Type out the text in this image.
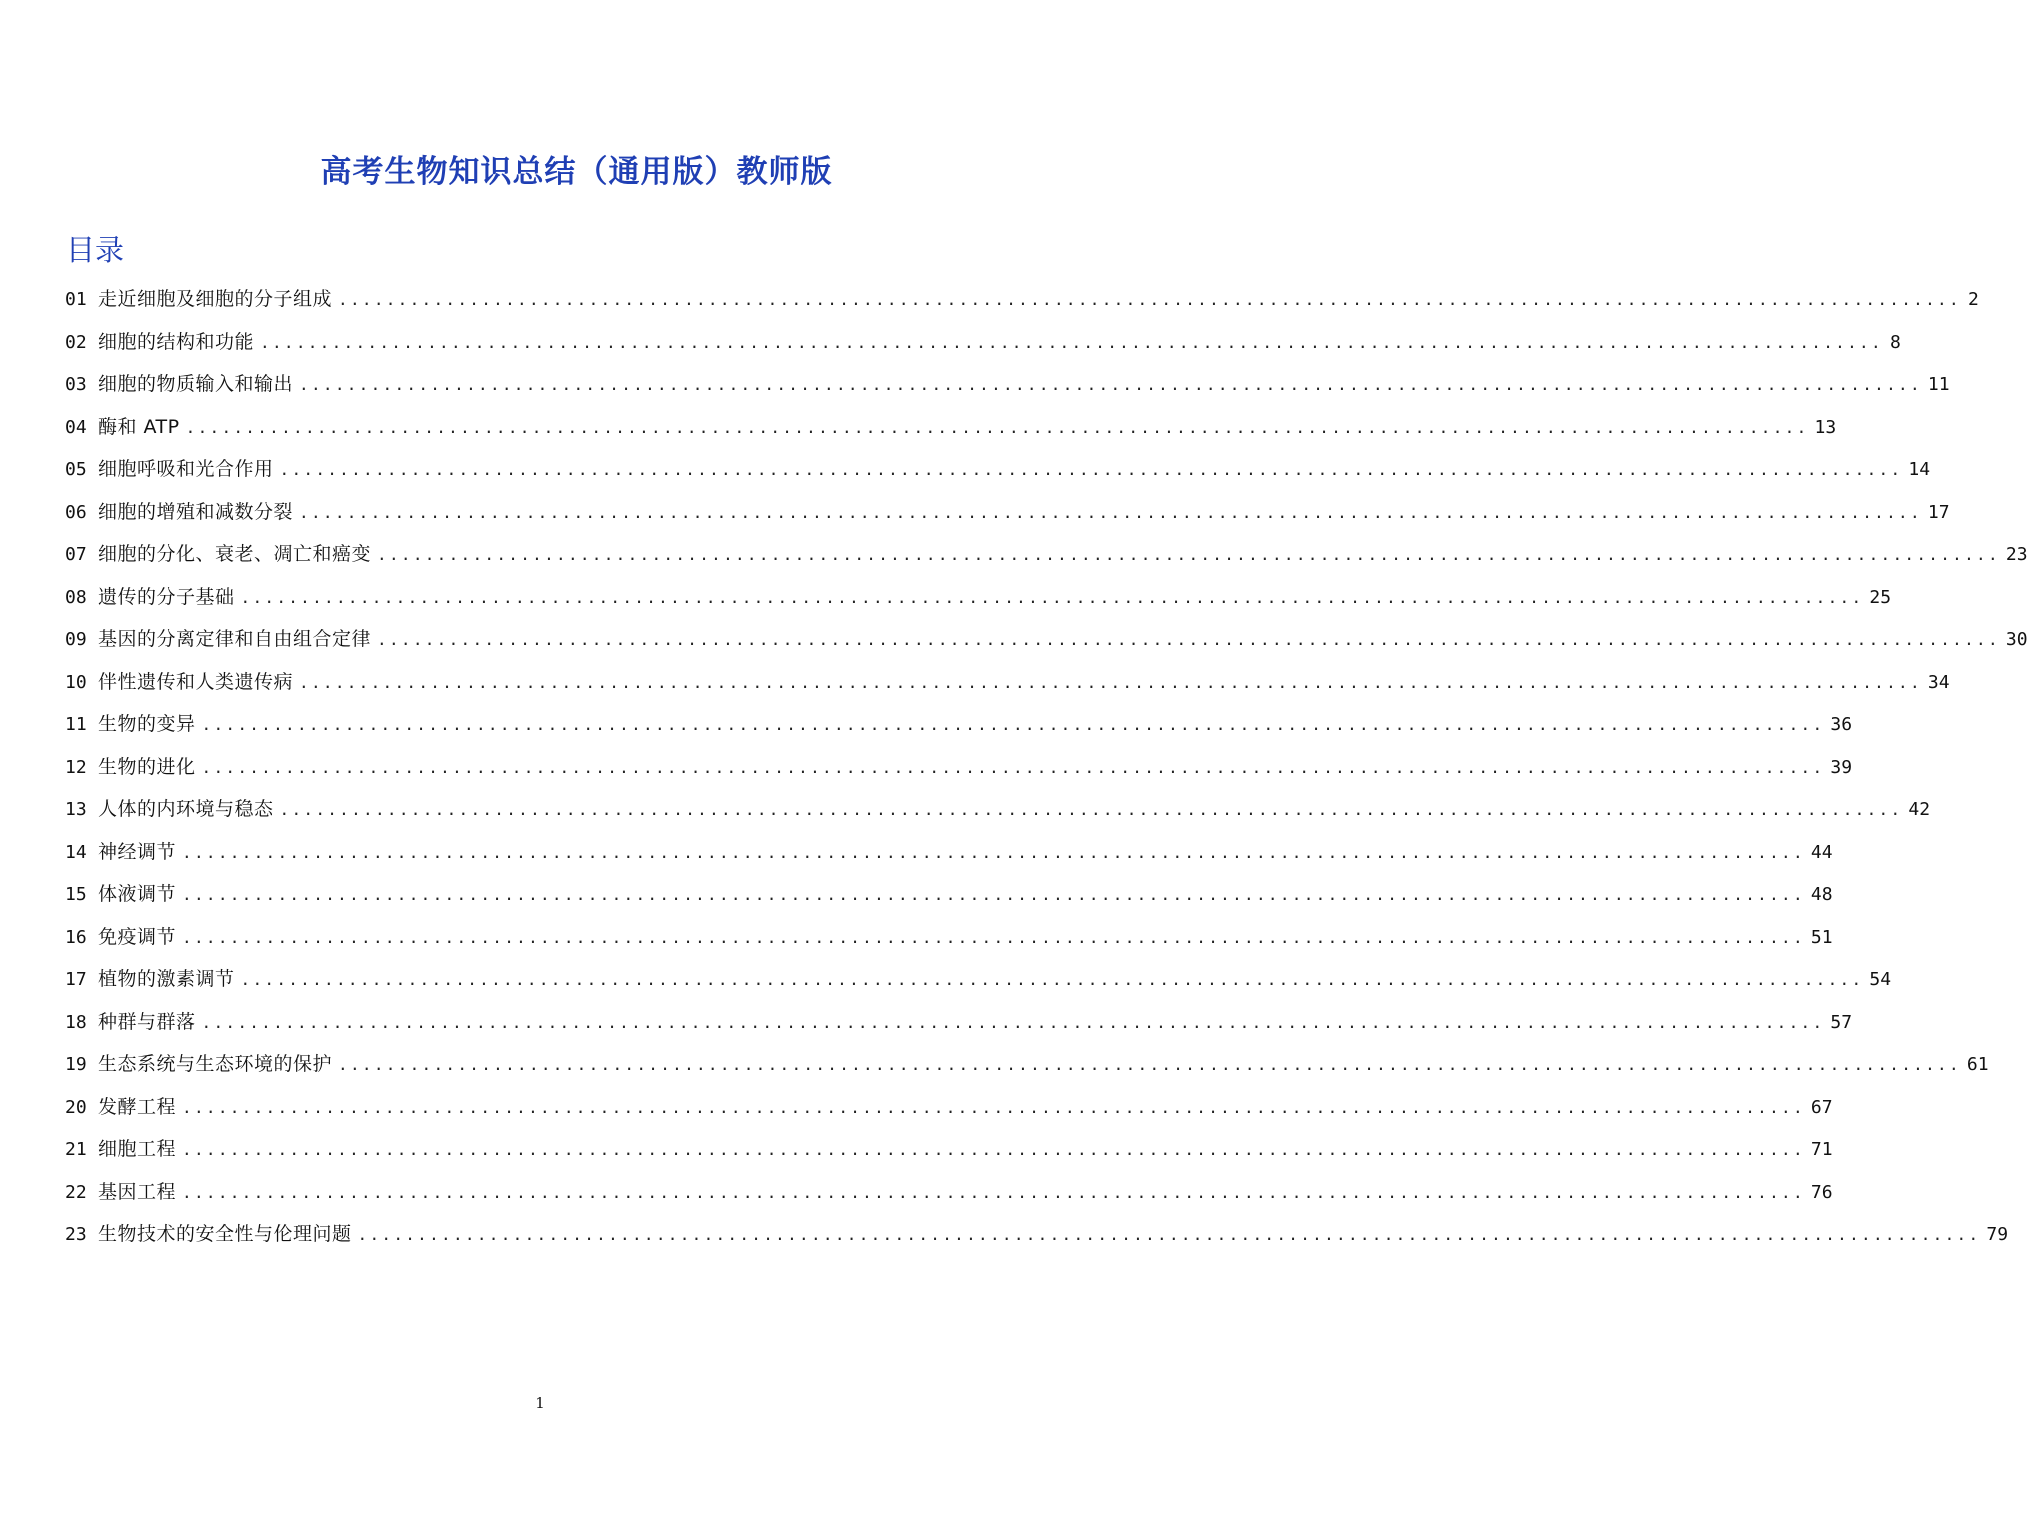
高考生物知识总结（通用版）教师版
目录
01 走近细胞及细胞的分子组成 ........................................................................................................................................ 2
02 细胞的结构和功能 ........................................................................................................................................ 8
03 细胞的物质输入和输出 ........................................................................................................................................ 11
04 酶和 ATP ........................................................................................................................................ 13
05 细胞呼吸和光合作用 ........................................................................................................................................ 14
06 细胞的增殖和减数分裂 ........................................................................................................................................ 17
07 细胞的分化、衰老、凋亡和癌变 ........................................................................................................................................ 23
08 遗传的分子基础 ........................................................................................................................................ 25
09 基因的分离定律和自由组合定律 ........................................................................................................................................ 30
10 伴性遗传和人类遗传病 ........................................................................................................................................ 34
11 生物的变异 ........................................................................................................................................ 36
12 生物的进化 ........................................................................................................................................ 39
13 人体的内环境与稳态 ........................................................................................................................................ 42
14 神经调节 ........................................................................................................................................ 44
15 体液调节 ........................................................................................................................................ 48
16 免疫调节 ........................................................................................................................................ 51
17 植物的激素调节 ........................................................................................................................................ 54
18 种群与群落 ........................................................................................................................................ 57
19 生态系统与生态环境的保护 ........................................................................................................................................ 61
20 发酵工程 ........................................................................................................................................ 67
21 细胞工程 ........................................................................................................................................ 71
22 基因工程 ........................................................................................................................................ 76
23 生物技术的安全性与伦理问题 ........................................................................................................................................ 79
1
